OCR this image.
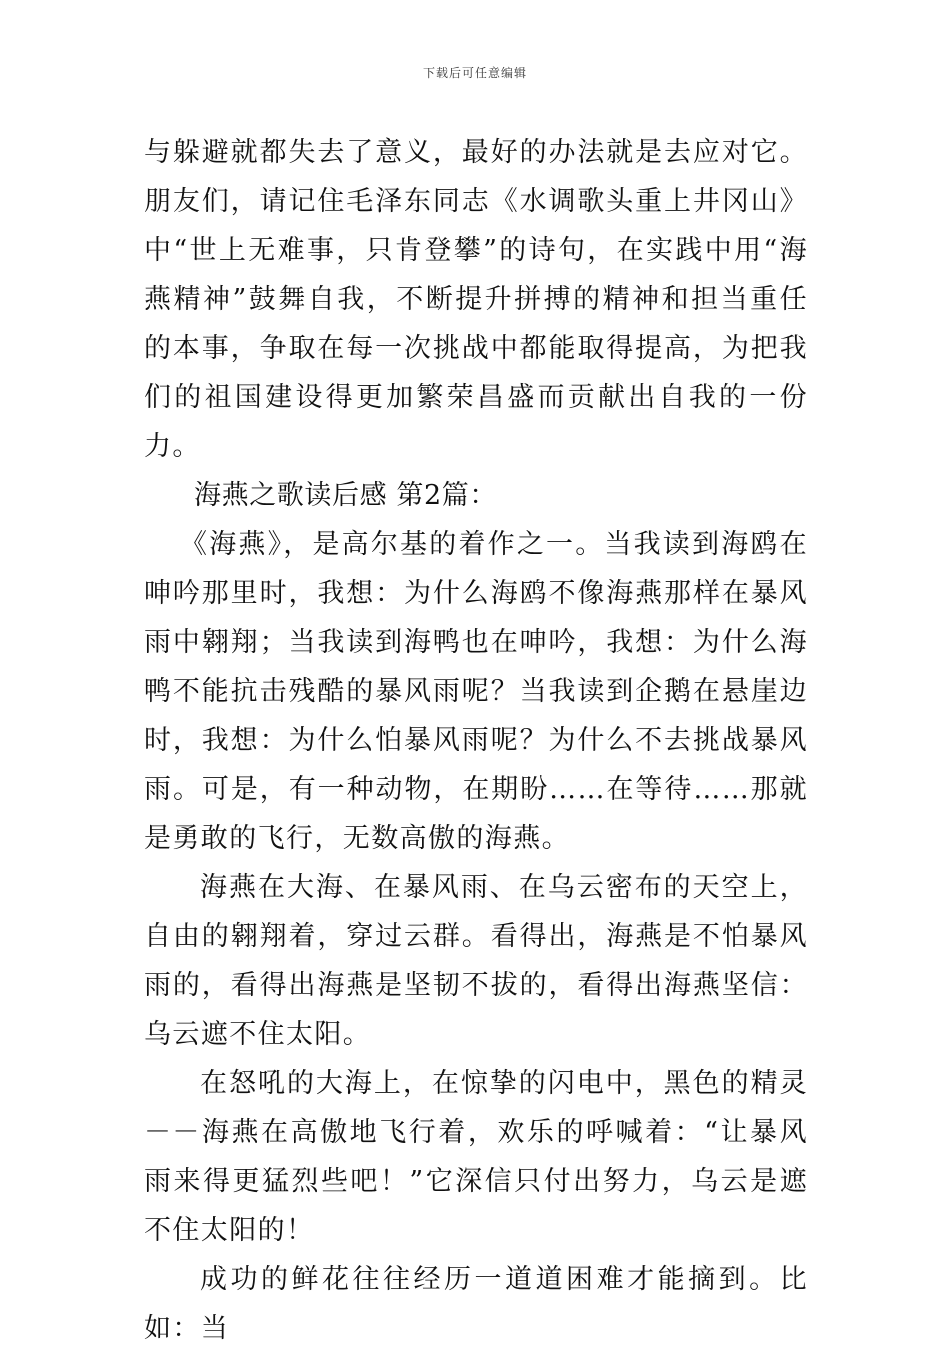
下载后可任意编辑

与躲避就都失去了意义，最好的办法就是去应对它。朋友们，请记住毛泽东同志《水调歌头重上井冈山》中“世上无难事，只肯登攀”的诗句，在实践中用“海燕精神”鼓舞自我，不断提升拼搏的精神和担当重任的本事，争取在每一次挑战中都能取得提高，为把我们的祖国建设得更加繁荣昌盛而贡献出自我的一份力。

海燕之歌读后感 第2篇：

《海燕》，是高尔基的着作之一。当我读到海鸥在呻吟那里时，我想：为什么海鸥不像海燕那样在暴风雨中翱翔；当我读到海鸭也在呻吟，我想：为什么海鸭不能抗击残酷的暴风雨呢？当我读到企鹅在悬崖边时，我想：为什么怕暴风雨呢？为什么不去挑战暴风雨。可是，有一种动物，在期盼……在等待……那就是勇敢的飞行，无数高傲的海燕。

海燕在大海、在暴风雨、在乌云密布的天空上，自由的翱翔着，穿过云群。看得出，海燕是不怕暴风雨的，看得出海燕是坚韧不拔的，看得出海燕坚信：乌云遮不住太阳。

在怒吼的大海上，在惊挚的闪电中，黑色的精灵－－海燕在高傲地飞行着，欢乐的呼喊着：“让暴风雨来得更猛烈些吧！”它深信只付出努力，乌云是遮不住太阳的！

成功的鲜花往往经历一道道困难才能摘到。比如：当
